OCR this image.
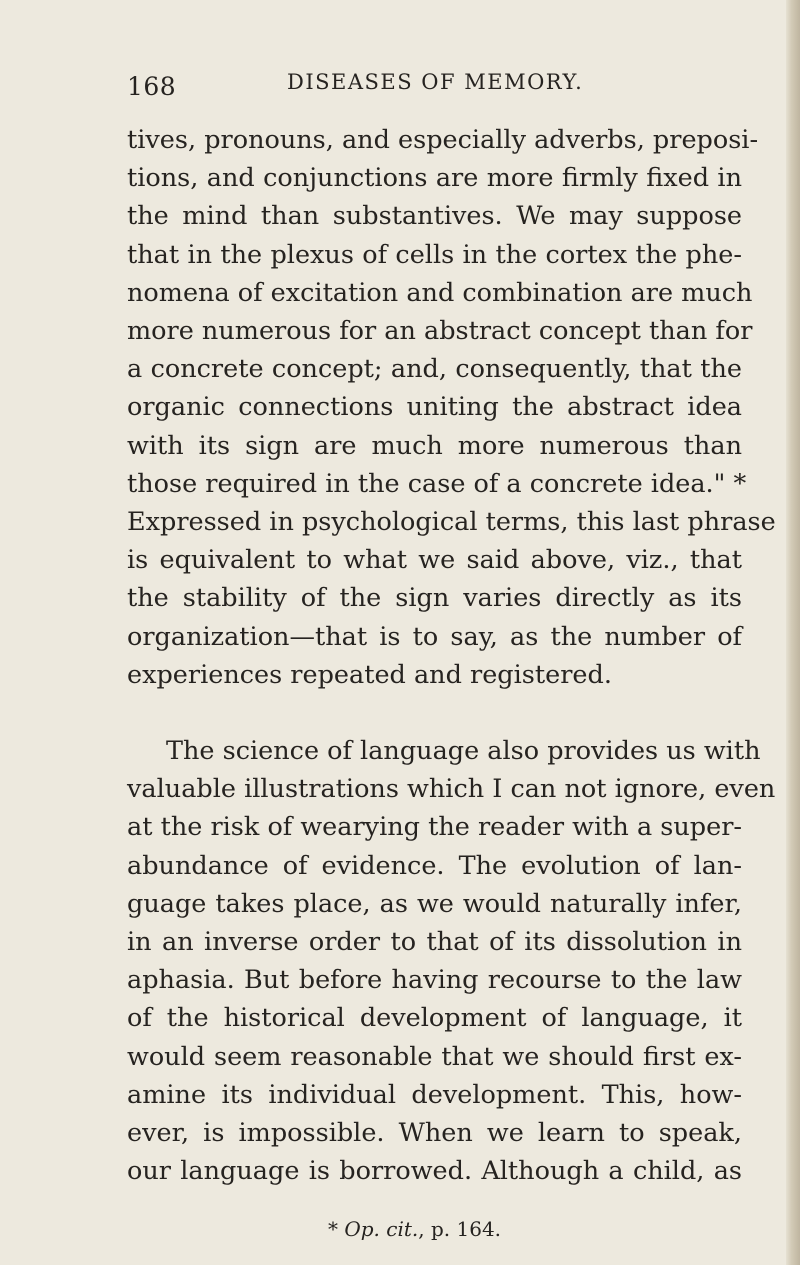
168	DISEASES OF MEMORY.
tives, pronouns, and especially adverbs, preposi-
tions, and conjunctions are more firmly fixed in
the mind than substantives. We may suppose
that in the plexus of cells in the cortex the phe-
nomena of excitation and combination are much
more numerous for an abstract concept than for
a concrete concept; and, consequently, that the
organic connections uniting the abstract idea
with its sign are much more numerous than
those required in the case of a concrete idea." *
Expressed in psychological terms, this last phrase
is equivalent to what we said above, viz., that
the stability of the sign varies directly as its
organization—that is to say, as the number of
experiences repeated and registered.
The science of language also provides us with
valuable illustrations which I can not ignore, even
at the risk of wearying the reader with a super-
abundance of evidence. The evolution of lan-
guage takes place, as we would naturally infer,
in an inverse order to that of its dissolution in
aphasia. But before having recourse to the law
of the historical development of language, it
would seem reasonable that we should first ex-
amine its individual development. This, how-
ever, is impossible. When we learn to speak,
our language is borrowed. Although a child, as
* Op. cit., p. 164.
